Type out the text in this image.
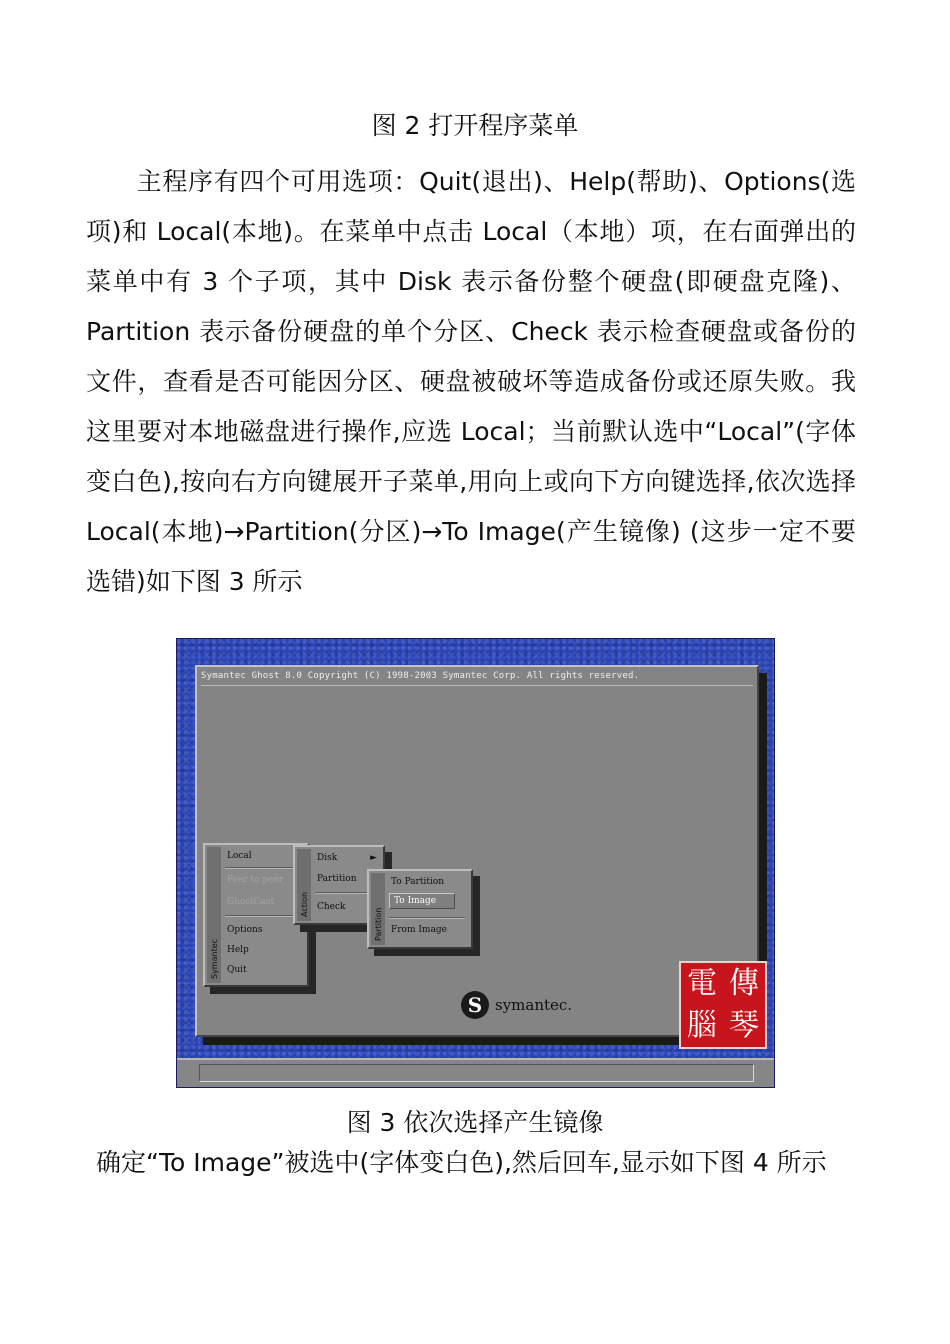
图 2 打开程序菜单

主程序有四个可用选项：Quit(退出)、Help(帮助)、Options(选项)和 Local(本地)。在菜单中点击 Local（本地）项，在右面弹出的菜单中有 3 个子项，其中 Disk 表示备份整个硬盘(即硬盘克隆)、Partition 表示备份硬盘的单个分区、Check 表示检查硬盘或备份的文件，查看是否可能因分区、硬盘被破坏等造成备份或还原失败。我这里要对本地磁盘进行操作,应选 Local；当前默认选中“Local”(字体变白色),按向右方向键展开子菜单,用向上或向下方向键选择,依次选择 Local(本地)→Partition(分区)→To Image(产生镜像) (这步一定不要选错)如下图 3 所示

Symantec Ghost 8.0 Copyright (C) 1998-2003 Symantec Corp. All rights reserved.
Symantec
Local
Peer to peer
GhostCast
Options
Help
Quit
Action
Disk	►
Partition
Check
Partition
To Partition
To Image
From Image
S symantec.
電 傳
腦 琴
图 3 依次选择产生镜像

确定“To Image”被选中(字体变白色),然后回车,显示如下图 4 所示
